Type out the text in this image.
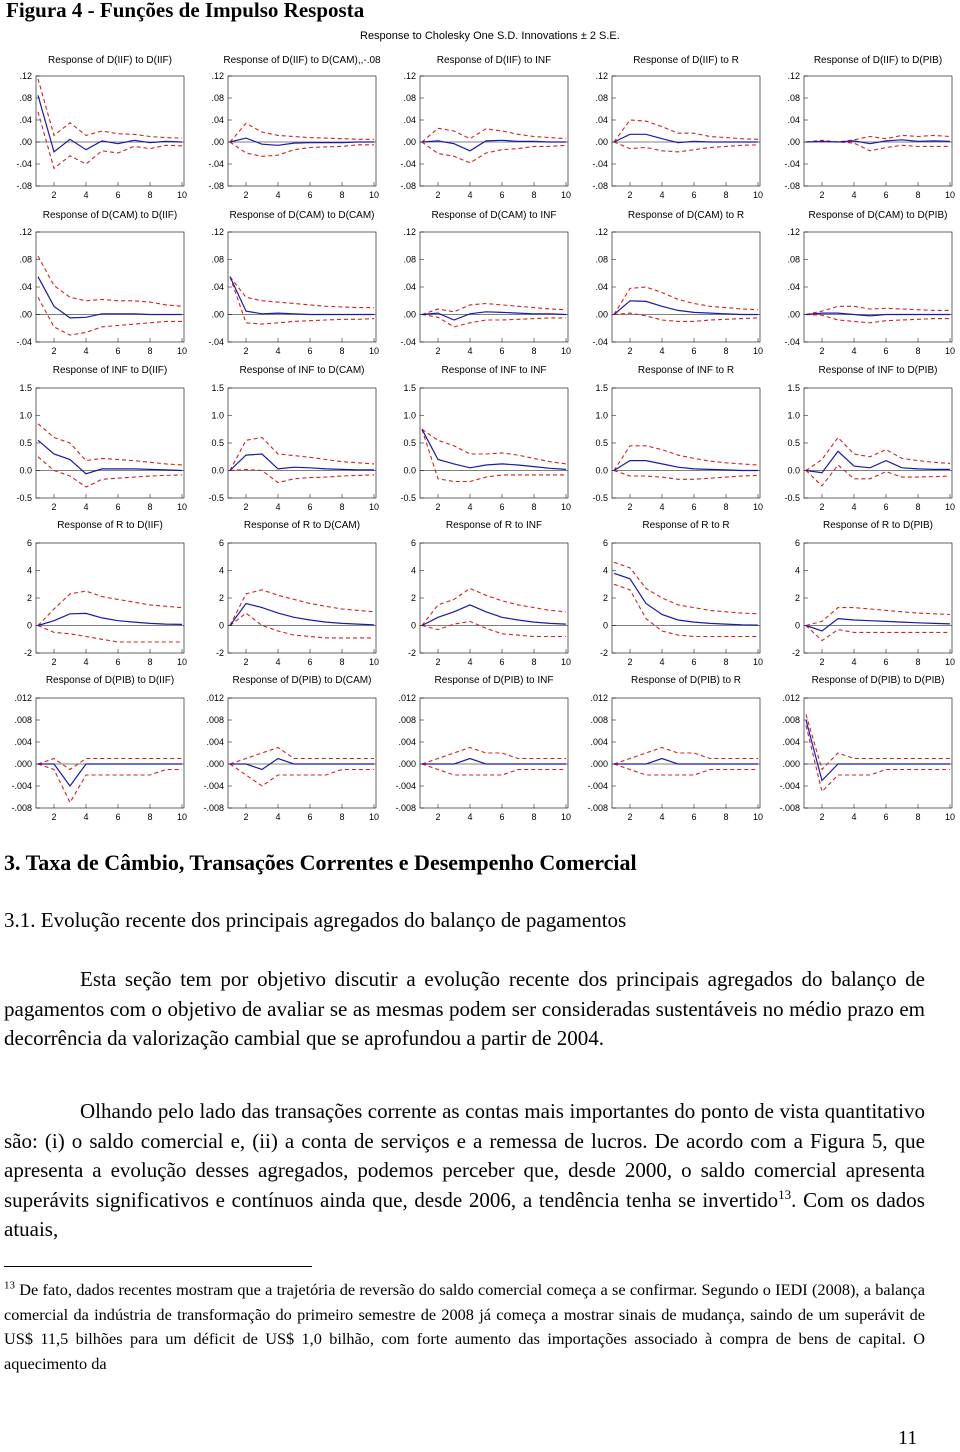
Figura 4 - Funções de Impulso Resposta
Response to Cholesky One S.D. Innovations ± 2 S.E.
Response of D(IIF) to D(IIF)
.12
.08
.04
.00
-.04
-.08
2	4	6	8	10
Response of D(IIF) to D(CAM),,-.08
.12
.08
.04
.00
-.04
-.08
2	4	6	8	10
Response of D(IIF) to INF
.12
.08
.04
.00
-.04
-.08
2	4	6	8	10
Response of D(IIF) to R
.12
.08
.04
.00
-.04
-.08
2	4	6	8	10
Response of D(IIF) to D(PIB)
.12
.08
.04
.00
-.04
-.08
2	4	6	8	10
Response of D(CAM) to D(IIF)
.12
.08
.04
.00
-.04
2	4	6	8	10
Response of D(CAM) to D(CAM)
.12
.08
.04
.00
-.04
2	4	6	8	10
Response of D(CAM) to INF
.12
.08
.04
.00
-.04
2	4	6	8	10
Response of D(CAM) to R
.12
.08
.04
.00
-.04
2	4	6	8	10
Response of D(CAM) to D(PIB)
.12
.08
.04
.00
-.04
2	4	6	8	10
Response of INF to D(IIF)
1.5
1.0
0.5
0.0
-0.5
2	4	6	8	10
Response of INF to D(CAM)
1.5
1.0
0.5
0.0
-0.5
2	4	6	8	10
Response of INF to INF
1.5
1.0
0.5
0.0
-0.5
2	4	6	8	10
Response of INF to R
1.5
1.0
0.5
0.0
-0.5
2	4	6	8	10
Response of INF to D(PIB)
1.5
1.0
0.5
0.0
-0.5
2	4	6	8	10
Response of R to D(IIF)
6
4
2
0
-2
2	4	6	8	10
Response of R to D(CAM)
6
4
2
0
-2
2	4	6	8	10
Response of R to INF
6
4
2
0
-2
2	4	6	8	10
Response of R to R
6
4
2
0
-2
2	4	6	8	10
Response of R to D(PIB)
6
4
2
0
-2
2	4	6	8	10
Response of D(PIB) to D(IIF)
.012
.008
.004
.000
-.004
-.008
2	4	6	8	10
Response of D(PIB) to D(CAM)
.012
.008
.004
.000
-.004
-.008
2	4	6	8	10
Response of D(PIB) to INF
.012
.008
.004
.000
-.004
-.008
2	4	6	8	10
Response of D(PIB) to R
.012
.008
.004
.000
-.004
-.008
2	4	6	8	10
Response of D(PIB) to D(PIB)
.012
.008
.004
.000
-.004
-.008
2	4	6	8	10
3. Taxa de Câmbio, Transações Correntes e Desempenho Comercial
3.1. Evolução recente dos principais agregados do balanço de pagamentos

Esta seção tem por objetivo discutir a evolução recente dos principais agregados do balanço de pagamentos com o objetivo de avaliar se as mesmas podem ser consideradas sustentáveis no médio prazo em decorrência da valorização cambial que se aprofundou a partir de 2004.

Olhando pelo lado das transações corrente as contas mais importantes do ponto de vista quantitativo são: (i) o saldo comercial e, (ii) a conta de serviços e a remessa de lucros. De acordo com a Figura 5, que apresenta a evolução desses agregados, podemos perceber que, desde 2000, o saldo comercial apresenta superávits significativos e contínuos ainda que, desde 2006, a tendência tenha se invertido$^{13}$. Com os dados atuais,

$^{13}$ De fato, dados recentes mostram que a trajetória de reversão do saldo comercial começa a se confirmar. Segundo o IEDI (2008), a balança comercial da indústria de transformação do primeiro semestre de 2008 já começa a mostrar sinais de mudança, saindo de um superávit de US$ 11,5 bilhões para um déficit de US$ 1,0 bilhão, com forte aumento das importações associado à compra de bens de capital. O aquecimento da

11
